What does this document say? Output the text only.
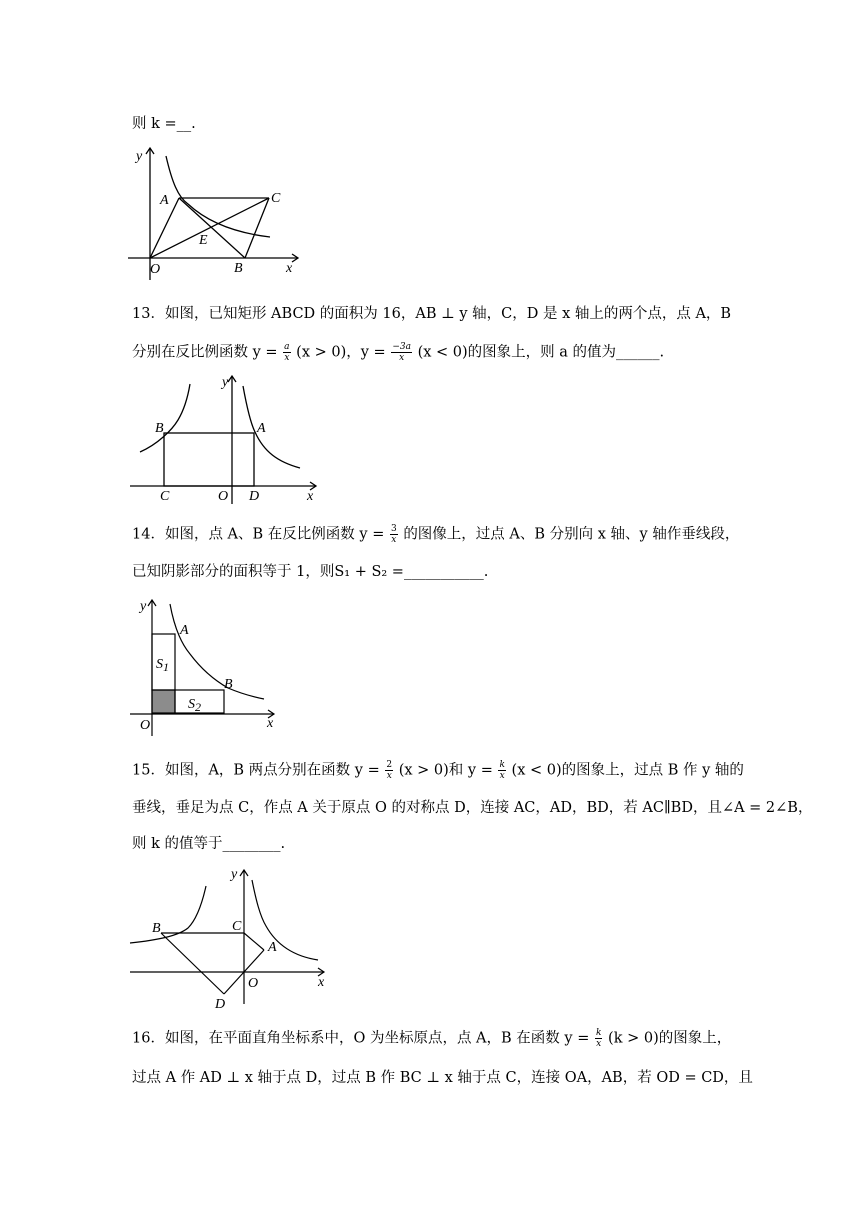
则 k =__.
y
x
O
A
B
C
E
13．如图，已知矩形 ABCD 的面积为 16，AB ⊥ y 轴，C，D 是 x 轴上的两个点，点 A，B
分别在反比例函数 $y = \frac{a}{x} (x > 0)$，$y = \frac{-3a}{x} (x < 0)$的图象上，则 a 的值为______.
B	A
y
C	O D	x
14．如图，点 A、B 在反比例函数 $y = \frac{3}{x}$ 的图像上，过点 A、B 分别向 x 轴、y 轴作垂线段，
已知阴影部分的面积等于 1，则S₁ + S₂ =___________.
y
A
B
S1
S2
O	x
15．如图，A，B 两点分别在函数 $y = \frac{2}{x} (x > 0)$和 $y = \frac{k}{x} (x < 0)$的图象上，过点 B 作 y 轴的
垂线，垂足为点 C，作点 A 关于原点 O 的对称点 D，连接 AC，AD，BD，若 AC∥BD，且∠A = 2∠B，
则 k 的值等于________.
B	C
y
A
O
D
x
16．如图，在平面直角坐标系中，O 为坐标原点，点 A，B 在函数 $y = \frac{k}{x} (k > 0)$的图象上，
过点 A 作 AD ⊥ x 轴于点 D，过点 B 作 BC ⊥ x 轴于点 C，连接 OA，AB，若 OD = CD，且
